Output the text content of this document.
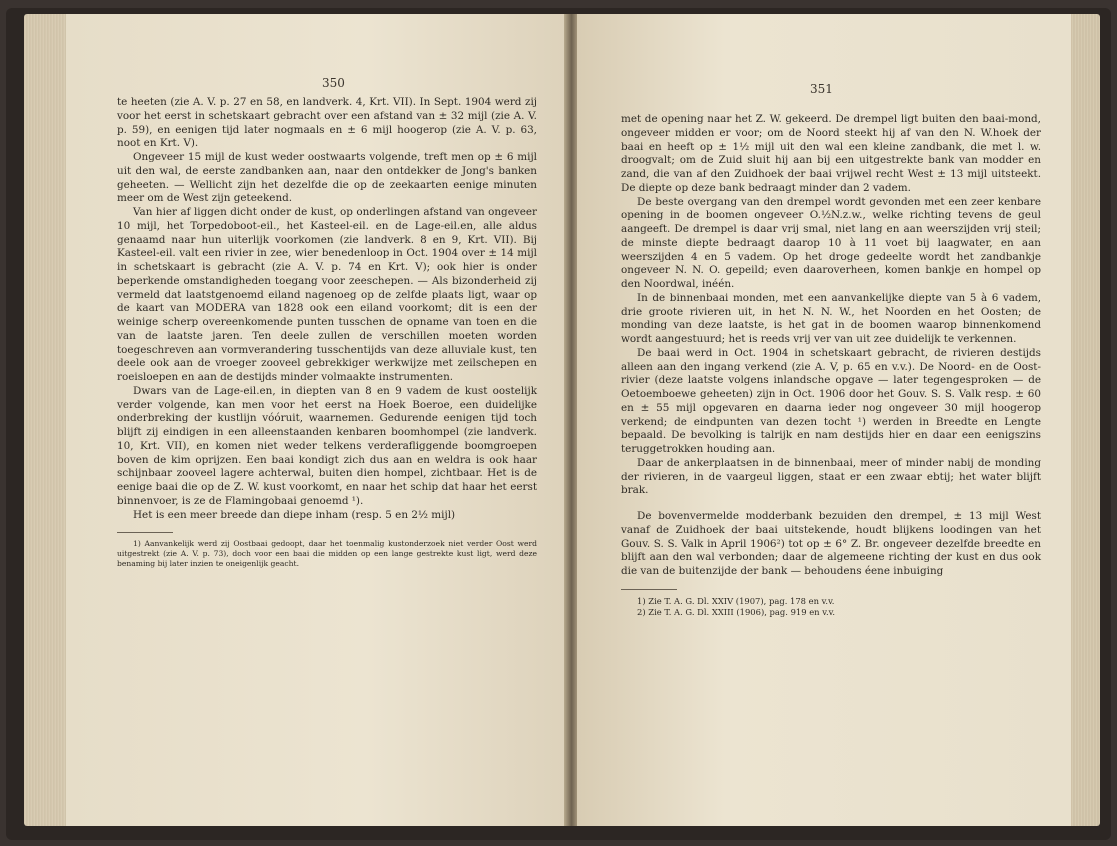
350

te heeten (zie A. V. p. 27 en 58, en landverk. 4, Krt. VII). In Sept. 1904 werd zij voor het eerst in schetskaart gebracht over een afstand van ± 32 mijl (zie A. V. p. 59), en eenigen tijd later nogmaals en ± 6 mijl hoogerop (zie A. V. p. 63, noot en Krt. V).

Ongeveer 15 mijl de kust weder oostwaarts volgende, treft men op ± 6 mijl uit den wal, de eerste zandbanken aan, naar den ontdekker de Jong's banken geheeten. — Wellicht zijn het dezelfde die op de zeekaarten eenige minuten meer om de West zijn geteekend.

Van hier af liggen dicht onder de kust, op onderlingen afstand van ongeveer 10 mijl, het Torpedoboot-eil., het Kasteel-eil. en de Lage-eil.en, alle aldus genaamd naar hun uiterlijk voorkomen (zie landverk. 8 en 9, Krt. VII). Bij Kasteel-eil. valt een rivier in zee, wier benedenloop in Oct. 1904 over ± 14 mijl in schetskaart is gebracht (zie A. V. p. 74 en Krt. V); ook hier is onder beperkende omstandigheden toegang voor zeeschepen. — Als bizonderheid zij vermeld dat laatstgenoemd eiland nagenoeg op de zelfde plaats ligt, waar op de kaart van MODERA van 1828 ook een eiland voorkomt; dit is een der weinige scherp overeenkomende punten tusschen de opname van toen en die van de laatste jaren. Ten deele zullen de verschillen moeten worden toegeschreven aan vormverandering tusschentijds van deze alluviale kust, ten deele ook aan de vroeger zooveel gebrekkiger werkwijze met zeilschepen en roeisloepen en aan de destijds minder volmaakte instrumenten.

Dwars van de Lage-eil.en, in diepten van 8 en 9 vadem de kust oostelijk verder volgende, kan men voor het eerst na Hoek Boeroe, een duidelijke onderbreking der kustlijn vóóruit, waarnemen. Gedurende eenigen tijd toch blijft zij eindigen in een alleenstaanden kenbaren boomhompel (zie landverk. 10, Krt. VII), en komen niet weder telkens verderafliggende boomgroepen boven de kim oprijzen. Een baai kondigt zich dus aan en weldra is ook haar schijnbaar zooveel lagere achterwal, buiten dien hompel, zichtbaar. Het is de eenige baai die op de Z. W. kust voorkomt, en naar het schip dat haar het eerst binnenvoer, is ze de Flamingobaai genoemd ¹).

Het is een meer breede dan diepe inham (resp. 5 en 2½ mijl)

1) Aanvankelijk werd zij Oostbaai gedoopt, daar het toenmalig kustonderzoek niet verder Oost werd uitgestrekt (zie A. V. p. 73), doch voor een baai die midden op een lange gestrekte kust ligt, werd deze benaming bij later inzien te oneigenlijk geacht.

351

met de opening naar het Z. W. gekeerd. De drempel ligt buiten den baai-mond, ongeveer midden er voor; om de Noord steekt hij af van den N. W.hoek der baai en heeft op ± 1½ mijl uit den wal een kleine zandbank, die met l. w. droogvalt; om de Zuid sluit hij aan bij een uitgestrekte bank van modder en zand, die van af den Zuidhoek der baai vrijwel recht West ± 13 mijl uitsteekt. De diepte op deze bank bedraagt minder dan 2 vadem.

De beste overgang van den drempel wordt gevonden met een zeer kenbare opening in de boomen ongeveer O.½N.z.w., welke richting tevens de geul aangeeft. De drempel is daar vrij smal, niet lang en aan weerszijden vrij steil; de minste diepte bedraagt daarop 10 à 11 voet bij laagwater, en aan weerszijden 4 en 5 vadem. Op het droge gedeelte wordt het zandbankje ongeveer N. N. O. gepeild; even daaroverheen, komen bankje en hompel op den Noordwal, inéén.

In de binnenbaai monden, met een aanvankelijke diepte van 5 à 6 vadem, drie groote rivieren uit, in het N. N. W., het Noorden en het Oosten; de monding van deze laatste, is het gat in de boomen waarop binnenkomend wordt aangestuurd; het is reeds vrij ver van uit zee duidelijk te verkennen.

De baai werd in Oct. 1904 in schetskaart gebracht, de rivieren destijds alleen aan den ingang verkend (zie A. V, p. 65 en v.v.). De Noord- en de Oost-rivier (deze laatste volgens inlandsche opgave — later tegengesproken — de Oetoemboewe geheeten) zijn in Oct. 1906 door het Gouv. S. S. Valk resp. ± 60 en ± 55 mijl opgevaren en daarna ieder nog ongeveer 30 mijl hoogerop verkend; de eindpunten van dezen tocht ¹) werden in Breedte en Lengte bepaald. De bevolking is talrijk en nam destijds hier en daar een eenigszins teruggetrokken houding aan.

Daar de ankerplaatsen in de binnenbaai, meer of minder nabij de monding der rivieren, in de vaargeul liggen, staat er een zwaar ebtij; het water blijft brak.

De bovenvermelde modderbank bezuiden den drempel, ± 13 mijl West vanaf de Zuidhoek der baai uitstekende, houdt blijkens loodingen van het Gouv. S. S. Valk in April 1906²) tot op ± 6° Z. Br. ongeveer dezelfde breedte en blijft aan den wal verbonden; daar de algemeene richting der kust en dus ook die van de buitenzijde der bank — behoudens éene inbuiging

1) Zie T. A. G. Dl. XXIV (1907), pag. 178 en v.v.

2) Zie T. A. G. Dl. XXIII (1906), pag. 919 en v.v.
